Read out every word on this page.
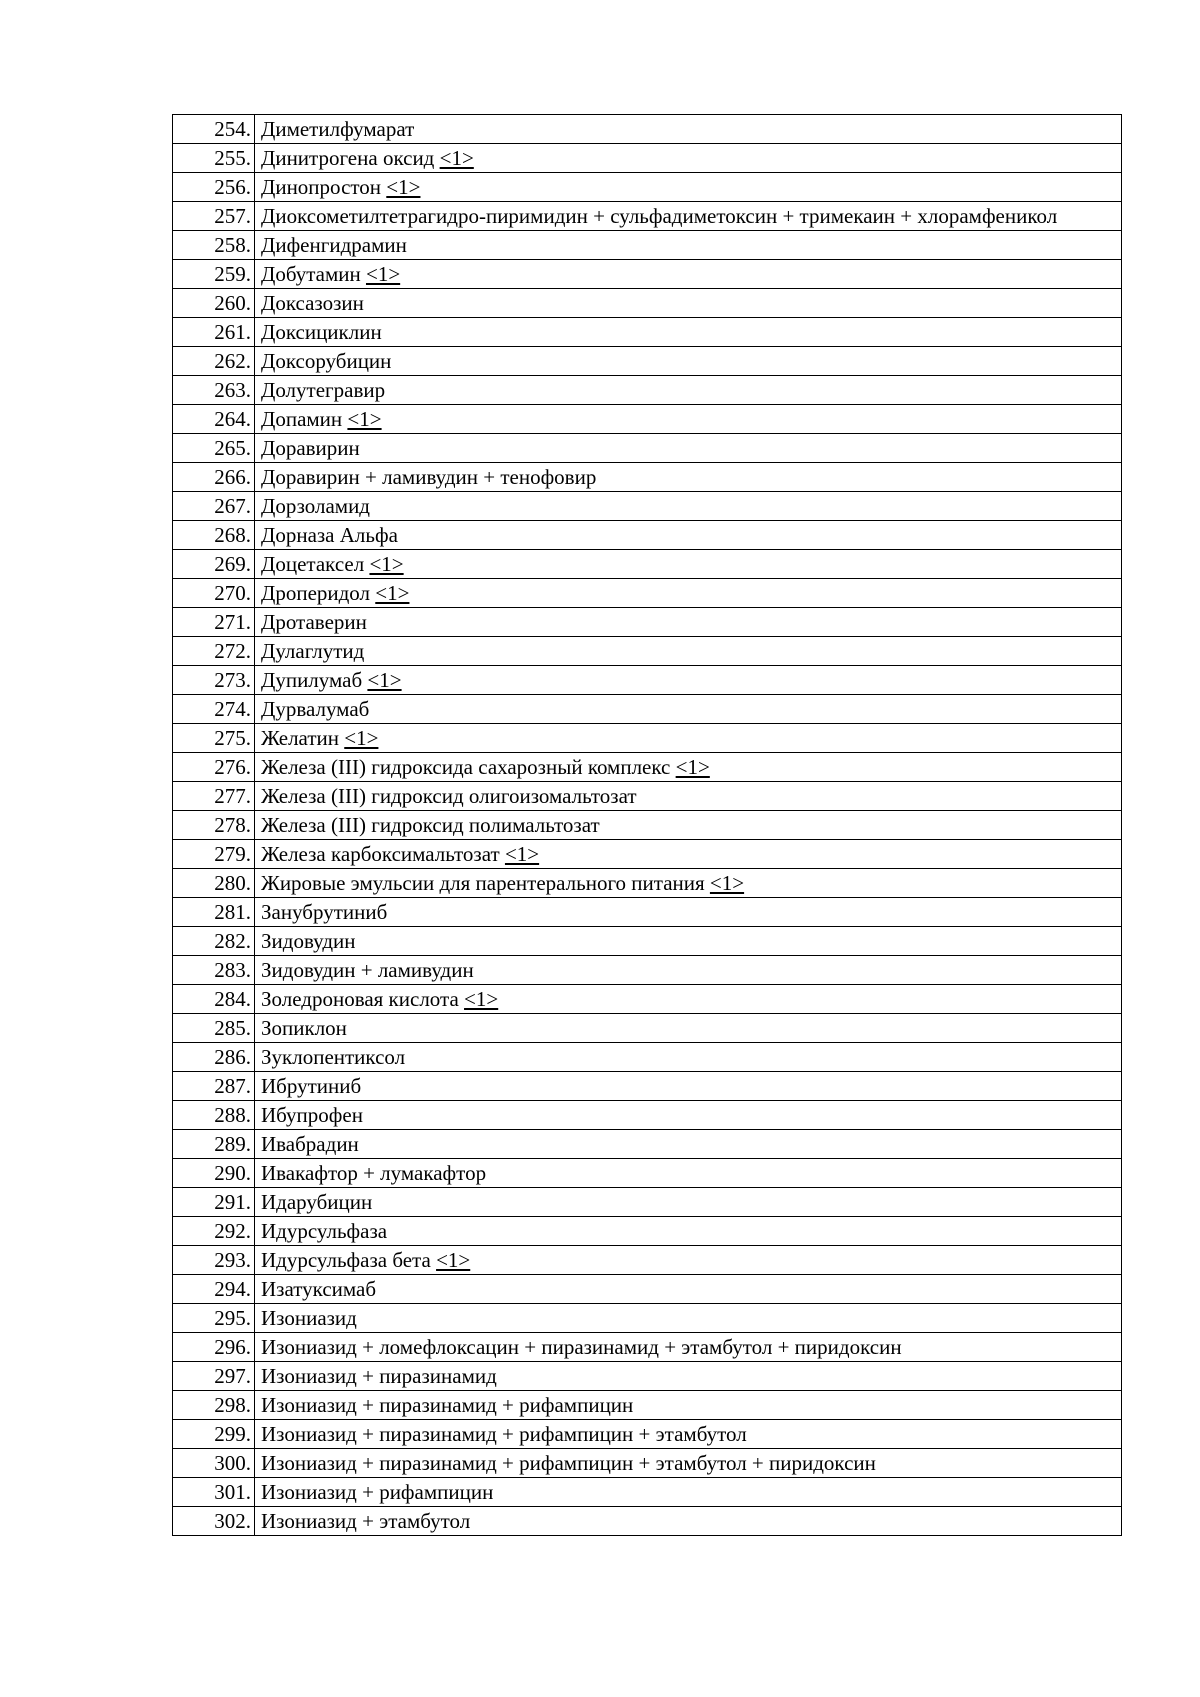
254.	Диметилфумарат
255.	Динитрогена оксид <1>
256.	Динопростон <1>
257.	Диоксометилтетрагидро-пиримидин + сульфадиметоксин + тримекаин + хлорамфеникол
258.	Дифенгидрамин
259.	Добутамин <1>
260.	Доксазозин
261.	Доксициклин
262.	Доксорубицин
263.	Долутегравир
264.	Допамин <1>
265.	Доравирин
266.	Доравирин + ламивудин + тенофовир
267.	Дорзоламид
268.	Дорназа Альфа
269.	Доцетаксел <1>
270.	Дроперидол <1>
271.	Дротаверин
272.	Дулаглутид
273.	Дупилумаб <1>
274.	Дурвалумаб
275.	Желатин <1>
276.	Железа (III) гидроксида сахарозный комплекс <1>
277.	Железа (III) гидроксид олигоизомальтозат
278.	Железа (III) гидроксид полимальтозат
279.	Железа карбоксимальтозат <1>
280.	Жировые эмульсии для парентерального питания <1>
281.	Занубрутиниб
282.	Зидовудин
283.	Зидовудин + ламивудин
284.	Золедроновая кислота <1>
285.	Зопиклон
286.	Зуклопентиксол
287.	Ибрутиниб
288.	Ибупрофен
289.	Ивабрадин
290.	Ивакафтор + лумакафтор
291.	Идарубицин
292.	Идурсульфаза
293.	Идурсульфаза бета <1>
294.	Изатуксимаб
295.	Изониазид
296.	Изониазид + ломефлоксацин + пиразинамид + этамбутол + пиридоксин
297.	Изониазид + пиразинамид
298.	Изониазид + пиразинамид + рифампицин
299.	Изониазид + пиразинамид + рифампицин + этамбутол
300.	Изониазид + пиразинамид + рифампицин + этамбутол + пиридоксин
301.	Изониазид + рифампицин
302.	Изониазид + этамбутол
